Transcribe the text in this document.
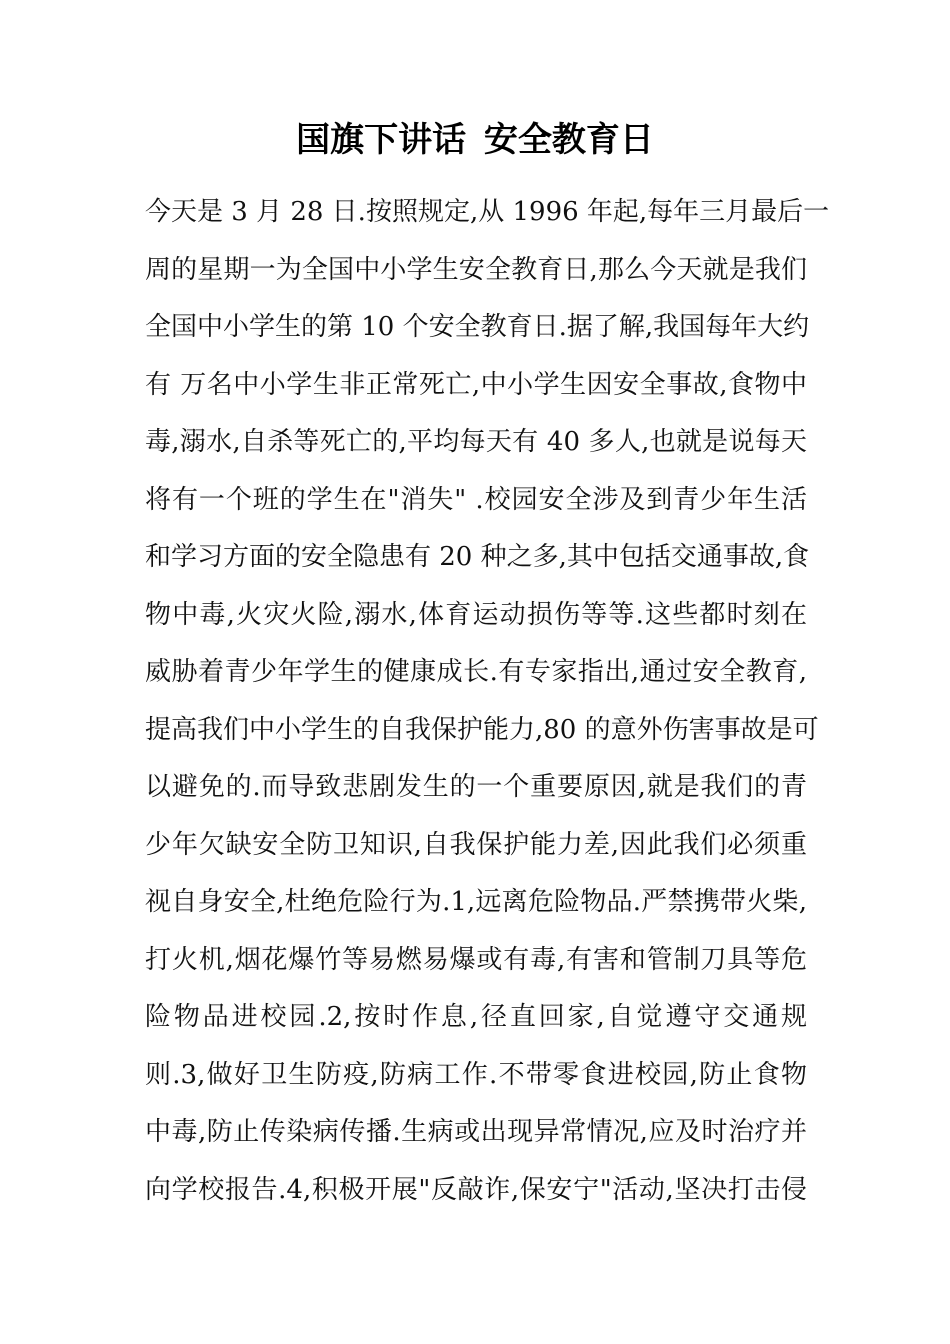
国旗下讲话 安全教育日
今天是 3 月 28 日.按照规定,从 1996 年起,每年三月最后一
周的星期一为全国中小学生安全教育日,那么今天就是我们
全国中小学生的第 10 个安全教育日.据了解,我国每年大约
有 万名中小学生非正常死亡,中小学生因安全事故,食物中
毒,溺水,自杀等死亡的,平均每天有 40 多人,也就是说每天
将有一个班的学生在"消失" .校园安全涉及到青少年生活
和学习方面的安全隐患有 20 种之多,其中包括交通事故,食
物中毒,火灾火险,溺水,体育运动损伤等等.这些都时刻在
威胁着青少年学生的健康成长.有专家指出,通过安全教育,
提高我们中小学生的自我保护能力,80 的意外伤害事故是可
以避免的.而导致悲剧发生的一个重要原因,就是我们的青
少年欠缺安全防卫知识,自我保护能力差,因此我们必须重
视自身安全,杜绝危险行为.1,远离危险物品.严禁携带火柴,
打火机,烟花爆竹等易燃易爆或有毒,有害和管制刀具等危
险物品进校园.2,按时作息,径直回家,自觉遵守交通规
则.3,做好卫生防疫,防病工作.不带零食进校园,防止食物
中毒,防止传染病传播.生病或出现异常情况,应及时治疗并
向学校报告.4,积极开展"反敲诈,保安宁"活动,坚决打击侵
